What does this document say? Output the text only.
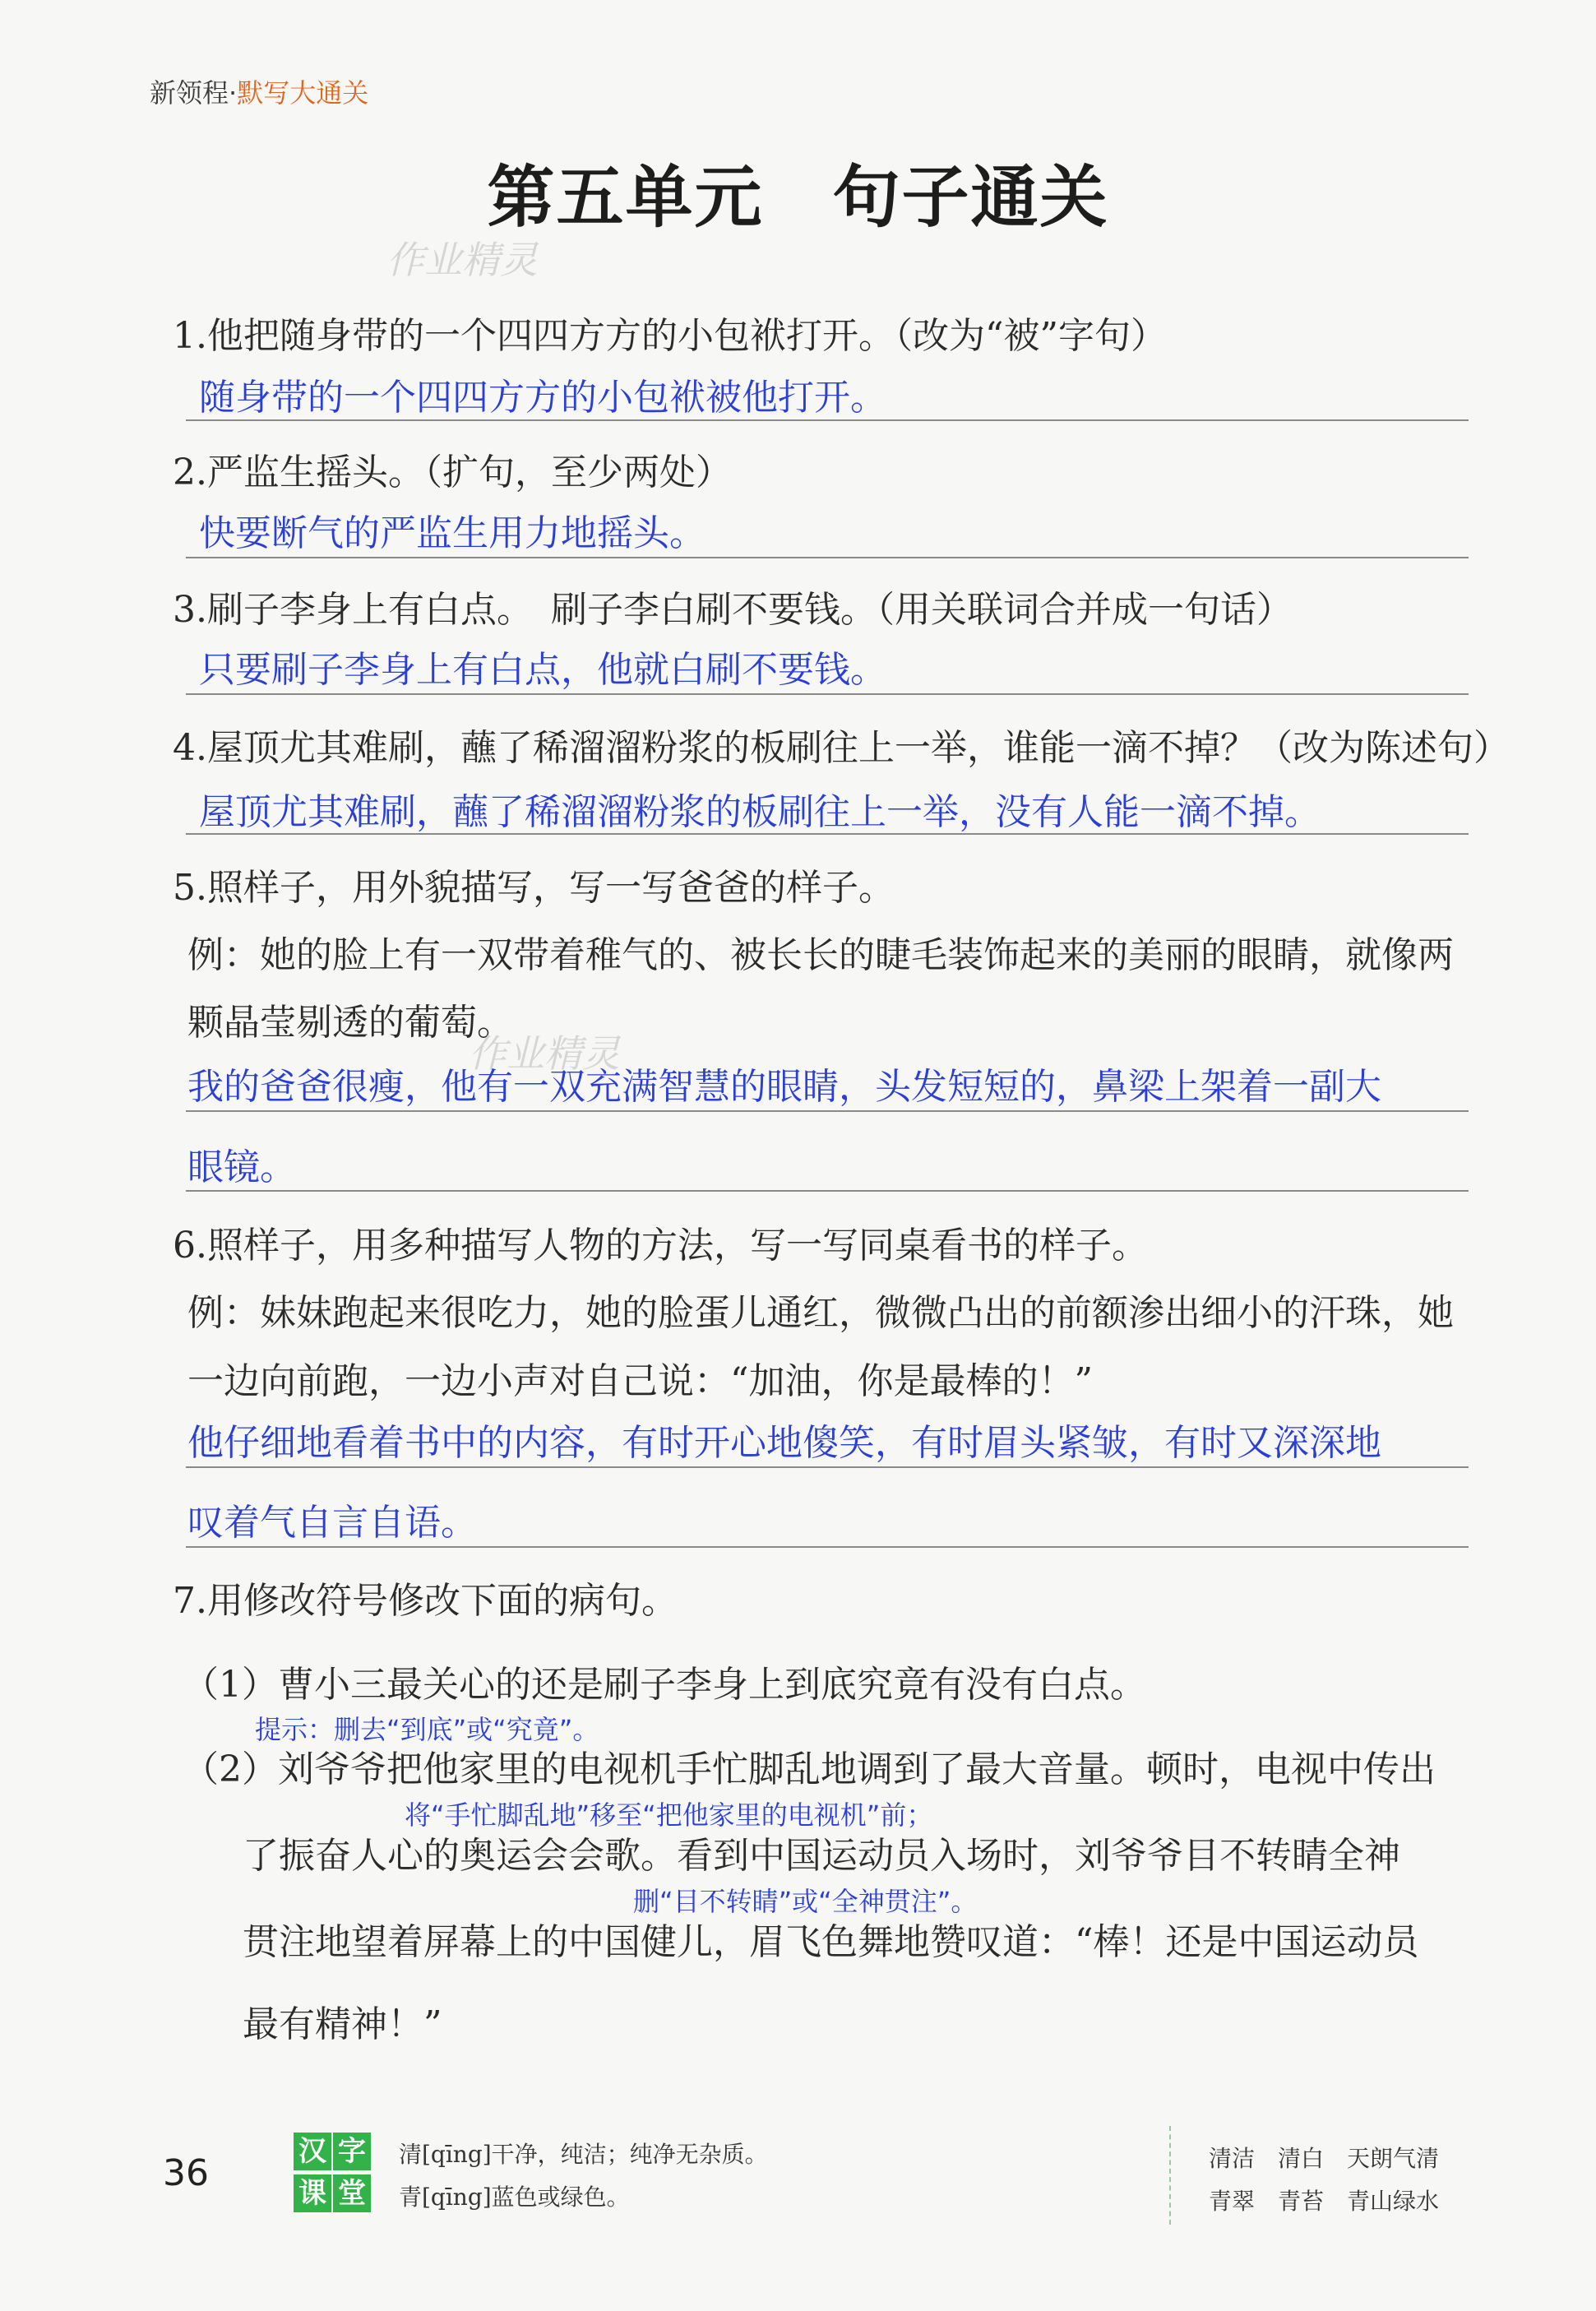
新领程·默写大通关
第五单元　句子通关
作业精灵
1.他把随身带的一个四四方方的小包袱打开。（改为“被”字句）
随身带的一个四四方方的小包袱被他打开。
2.严监生摇头。（扩句，至少两处）
快要断气的严监生用力地摇头。
3.刷子李身上有白点。　刷子李白刷不要钱。（用关联词合并成一句话）
只要刷子李身上有白点，他就白刷不要钱。
4.屋顶尤其难刷，蘸了稀溜溜粉浆的板刷往上一举，谁能一滴不掉？（改为陈述句）
屋顶尤其难刷，蘸了稀溜溜粉浆的板刷往上一举，没有人能一滴不掉。
5.照样子，用外貌描写，写一写爸爸的样子。
例：她的脸上有一双带着稚气的、被长长的睫毛装饰起来的美丽的眼睛，就像两
颗晶莹剔透的葡萄。
作业精灵
我的爸爸很瘦，他有一双充满智慧的眼睛，头发短短的，鼻梁上架着一副大
眼镜。
6.照样子，用多种描写人物的方法，写一写同桌看书的样子。
例：妹妹跑起来很吃力，她的脸蛋儿通红，微微凸出的前额渗出细小的汗珠，她
一边向前跑，一边小声对自己说：“加油，你是最棒的！”
他仔细地看着书中的内容，有时开心地傻笑，有时眉头紧皱，有时又深深地
叹着气自言自语。
7.用修改符号修改下面的病句。
（1）曹小三最关心的还是刷子李身上到底究竟有没有白点。
提示：删去“到底”或“究竟”。
（2）刘爷爷把他家里的电视机手忙脚乱地调到了最大音量。顿时，电视中传出
将“手忙脚乱地”移至“把他家里的电视机”前；
了振奋人心的奥运会会歌。看到中国运动员入场时，刘爷爷目不转睛全神
删“目不转睛”或“全神贯注”。
贯注地望着屏幕上的中国健儿，眉飞色舞地赞叹道：“棒！还是中国运动员
最有精神！”
36
汉 字
课 堂
清[qīng]干净，纯洁；纯净无杂质。
青[qīng]蓝色或绿色。
清洁　清白　天朗气清
青翠　青苔　青山绿水
